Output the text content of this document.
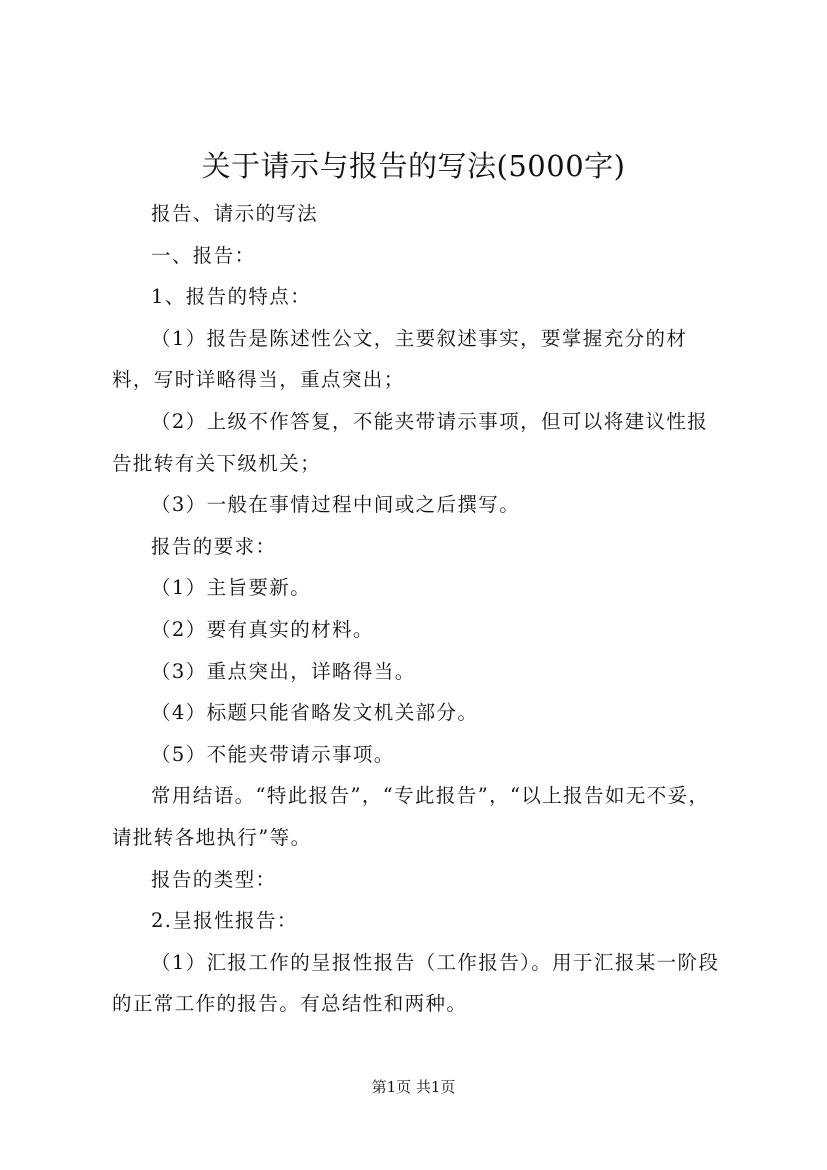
关于请示与报告的写法(5000字)

报告、请示的写法

一、报告：

1、报告的特点：

（1）报告是陈述性公文，主要叙述事实，要掌握充分的材料，写时详略得当，重点突出；

（2）上级不作答复，不能夹带请示事项，但可以将建议性报告批转有关下级机关；

（3）一般在事情过程中间或之后撰写。

报告的要求：

（1）主旨要新。

（2）要有真实的材料。

（3）重点突出，详略得当。

（4）标题只能省略发文机关部分。

（5）不能夹带请示事项。

常用结语。“特此报告”，“专此报告”，“以上报告如无不妥，请批转各地执行”等。

报告的类型：

2.呈报性报告：

（1）汇报工作的呈报性报告（工作报告）。用于汇报某一阶段的正常工作的报告。有总结性和两种。

第1页 共1页
